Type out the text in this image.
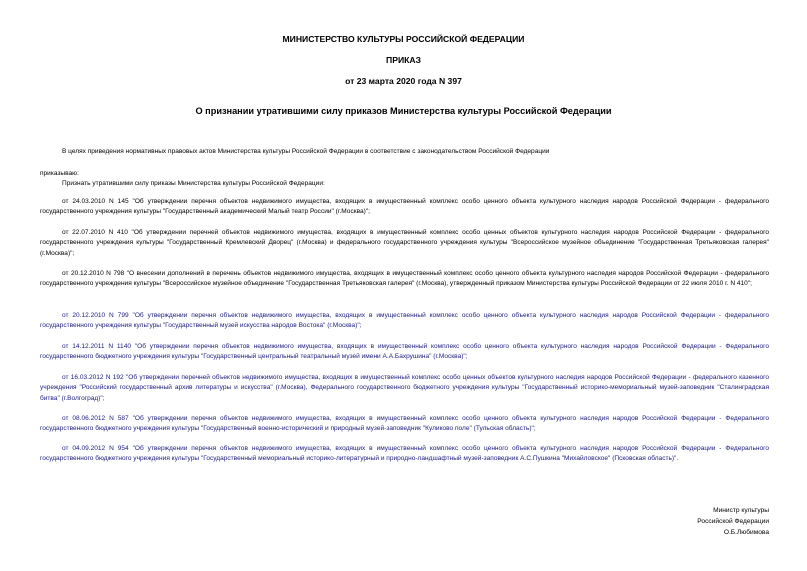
МИНИСТЕРСТВО КУЛЬТУРЫ РОССИЙСКОЙ ФЕДЕРАЦИИ
ПРИКАЗ
от 23 марта 2020 года N 397
О признании утратившими силу приказов Министерства культуры Российской Федерации
В целях приведения нормативных правовых актов Министерства культуры Российской Федерации в соответствие с законодательством Российской Федерации
приказываю:
Признать утратившими силу приказы Министерства культуры Российской Федерации:
от 24.03.2010 N 145 "Об утверждении перечня объектов недвижимого имущества, входящих в имущественный комплекс особо ценного объекта культурного наследия народов Российской Федерации - федерального государственного учреждения культуры "Государственный академический Малый театр России" (г.Москва)";
от 22.07.2010 N 410 "Об утверждении перечней объектов недвижимого имущества, входящих в имущественный комплекс особо ценных объектов культурного наследия народов Российской Федерации - федерального государственного учреждения культуры "Государственный Кремлевский Дворец" (г.Москва) и федерального государственного учреждения культуры "Всероссийское музейное объединение "Государственная Третьяковская галерея" (г.Москва)";
от 20.12.2010 N 798 "О внесении дополнений в перечень объектов недвижимого имущества, входящих в имущественный комплекс особо ценного объекта культурного наследия народов Российской Федерации - федерального государственного учреждения культуры "Всероссийское музейное объединение "Государственная Третьяковская галерея" (г.Москва), утвержденный приказом Министерства культуры Российской Федерации от 22 июля 2010 г. N 410";
от 20.12.2010 N 799 "Об утверждении перечня объектов недвижимого имущества, входящих в имущественный комплекс особо ценного объекта культурного наследия народов Российской Федерации - федерального государственного учреждения культуры "Государственный музей искусства народов Востока" (г.Москва)";
от 14.12.2011 N 1140 "Об утверждении перечня объектов недвижимого имущества, входящих в имущественный комплекс особо ценного объекта культурного наследия народов Российской Федерации - Федерального государственного бюджетного учреждения культуры "Государственный центральный театральный музей имени А.А.Бахрушина" (г.Москва)";
от 16.03.2012 N 192 "Об утверждении перечней объектов недвижимого имущества, входящих в имущественный комплекс особо ценных объектов культурного наследия народов Российской Федерации - федерального казенного учреждения "Российский государственный архив литературы и искусства" (г.Москва), Федерального государственного бюджетного учреждения культуры "Государственный историко-мемориальный музей-заповедник "Сталинградская битва" (г.Волгоград)";
от 08.06.2012 N 587 "Об утверждении перечня объектов недвижимого имущества, входящих в имущественный комплекс особо ценного объекта культурного наследия народов Российской Федерации - Федерального государственного бюджетного учреждения культуры "Государственный военно-исторический и природный музей-заповедник "Куликово поле" (Тульская область)";
от 04.09.2012 N 954 "Об утверждении перечня объектов недвижимого имущества, входящих в имущественный комплекс особо ценного объекта культурного наследия народов Российской Федерации - Федерального государственного бюджетного учреждения культуры "Государственный мемориальный историко-литературный и природно-ландшафтный музей-заповедник А.С.Пушкина "Михайловское" (Псковская область)".
Министр культуры
Российской Федерации
О.Б.Любимова
